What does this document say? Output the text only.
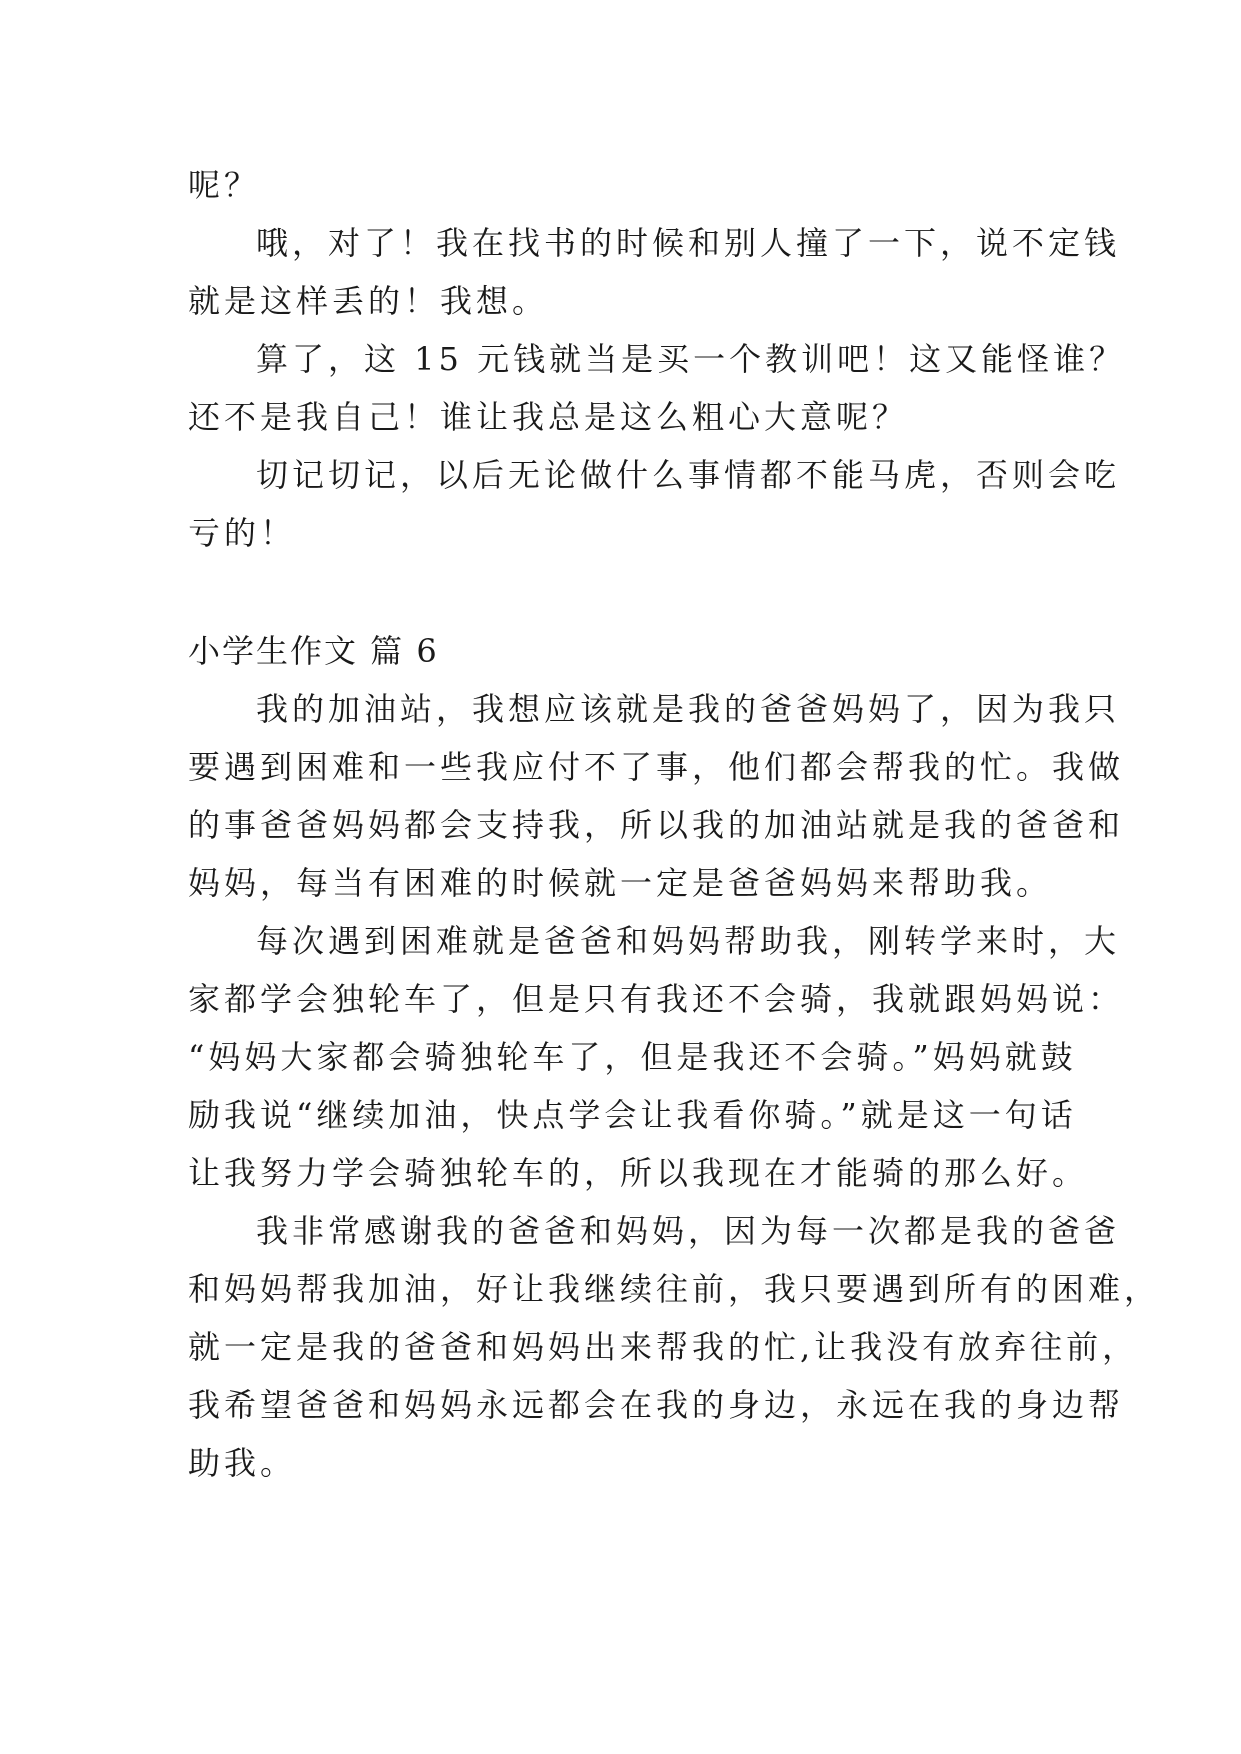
呢？
哦，对了！我在找书的时候和别人撞了一下，说不定钱
就是这样丢的！我想。
算了，这 15 元钱就当是买一个教训吧！这又能怪谁？
还不是我自己！谁让我总是这么粗心大意呢？
切记切记，以后无论做什么事情都不能马虎，否则会吃
亏的！
小学生作文 篇 6
我的加油站，我想应该就是我的爸爸妈妈了，因为我只
要遇到困难和一些我应付不了事，他们都会帮我的忙。我做
的事爸爸妈妈都会支持我，所以我的加油站就是我的爸爸和
妈妈，每当有困难的时候就一定是爸爸妈妈来帮助我。
每次遇到困难就是爸爸和妈妈帮助我，刚转学来时，大
家都学会独轮车了，但是只有我还不会骑，我就跟妈妈说：
“妈妈大家都会骑独轮车了，但是我还不会骑。”妈妈就鼓
励我说“继续加油，快点学会让我看你骑。”就是这一句话
让我努力学会骑独轮车的，所以我现在才能骑的那么好。
我非常感谢我的爸爸和妈妈，因为每一次都是我的爸爸
和妈妈帮我加油，好让我继续往前，我只要遇到所有的困难，
就一定是我的爸爸和妈妈出来帮我的忙,让我没有放弃往前，
我希望爸爸和妈妈永远都会在我的身边，永远在我的身边帮
助我。
